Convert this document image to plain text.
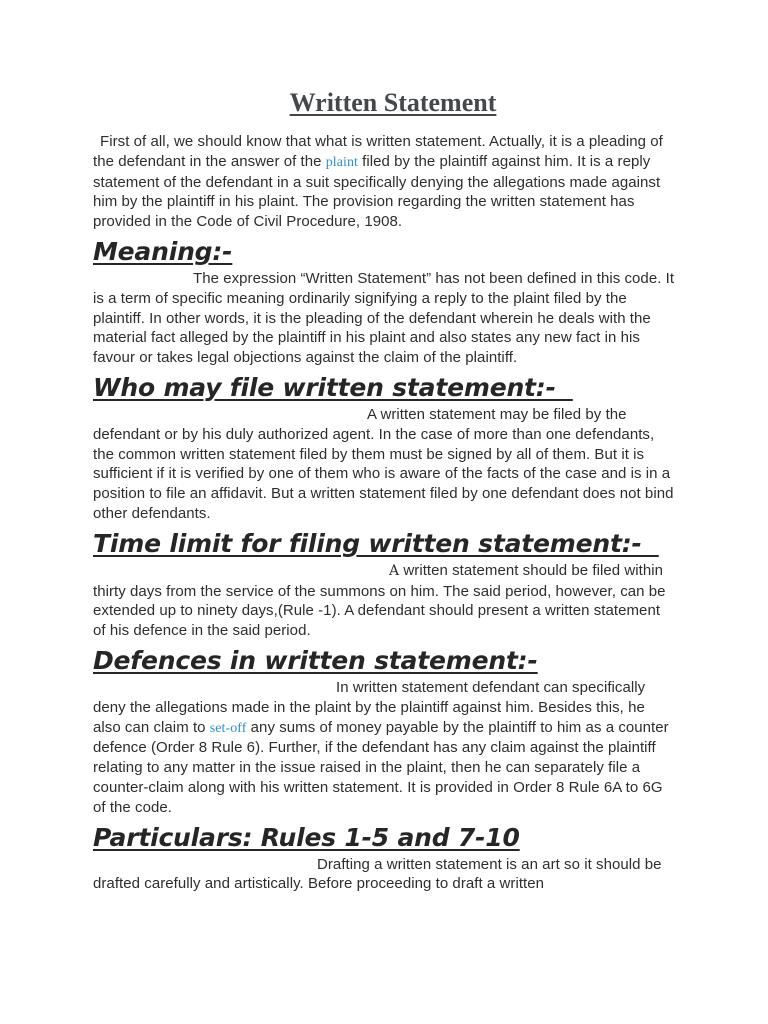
Written Statement

First of all, we should know that what is written statement. Actually, it is a pleading of the defendant in the answer of the plaint filed by the plaintiff against him. It is a reply statement of the defendant in a suit specifically denying the allegations made against him by the plaintiff in his plaint. The provision regarding the written statement has provided in the Code of Civil Procedure, 1908.

Meaning:-

The expression “Written Statement” has not been defined in this code. It is a term of specific meaning ordinarily signifying a reply to the plaint filed by the plaintiff. In other words, it is the pleading of the defendant wherein he deals with the material fact alleged by the plaintiff in his plaint and also states any new fact in his favour or takes legal objections against the claim of the plaintiff.

Who may file written statement:-

A written statement may be filed by the defendant or by his duly authorized agent. In the case of more than one defendants, the common written statement filed by them must be signed by all of them. But it is sufficient if it is verified by one of them who is aware of the facts of the case and is in a position to file an affidavit. But a written statement filed by one defendant does not bind other defendants.

Time limit for filing written statement:-

A written statement should be filed within thirty days from the service of the summons on him. The said period, however, can be extended up to ninety days,(Rule -1). A defendant should present a written statement of his defence in the said period.

Defences in written statement:-

In written statement defendant can specifically deny the allegations made in the plaint by the plaintiff against him. Besides this, he also can claim to set-off any sums of money payable by the plaintiff to him as a counter defence (Order 8 Rule 6). Further, if the defendant has any claim against the plaintiff relating to any matter in the issue raised in the plaint, then he can separately file a counter-claim along with his written statement. It is provided in Order 8 Rule 6A to 6G of the code.

Particulars: Rules 1-5 and 7-10

Drafting a written statement is an art so it should be drafted carefully and artistically. Before proceeding to draft a written
